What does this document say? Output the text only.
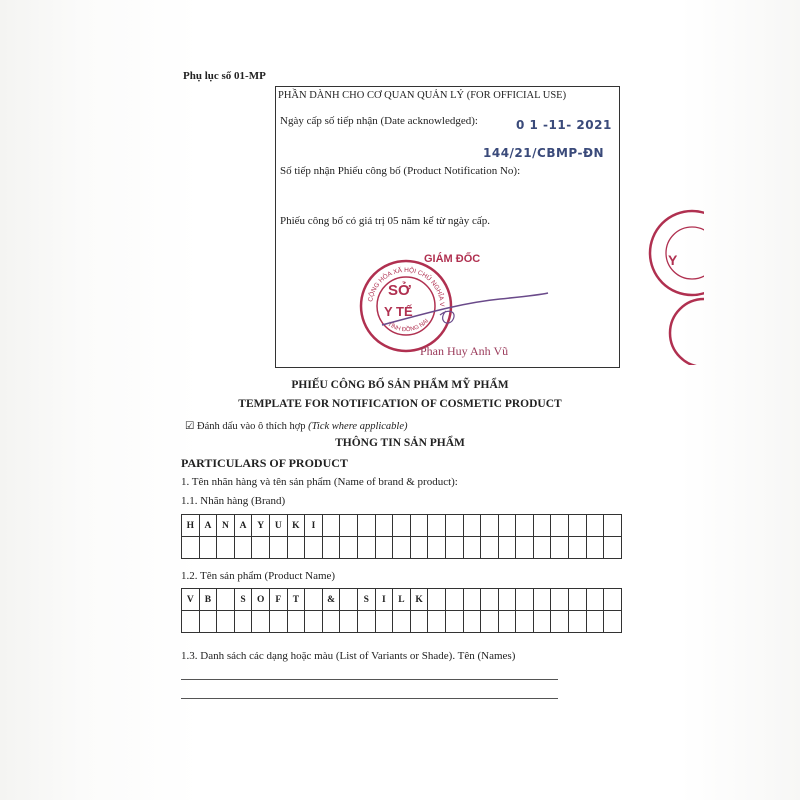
Phụ lục số 01-MP
PHẦN DÀNH CHO CƠ QUAN QUẢN LÝ (FOR OFFICIAL USE)
Ngày cấp số tiếp nhận (Date acknowledged):	0 1 -11- 2021
144/21/CBMP-ĐN
Số tiếp nhận Phiếu công bố (Product Notification No):
Phiếu công bố có giá trị 05 năm kể từ ngày cấp.
CỘNG HÒA XÃ HỘI CHỦ NGHĨA V
TỈNH ĐỒNG NAI
SỞ
Y TẾ
GIÁM ĐỐC
Phan Huy Anh Vũ
Y
PHIẾU CÔNG BỐ SẢN PHẨM MỸ PHẨM
TEMPLATE FOR NOTIFICATION OF COSMETIC PRODUCT
☑ Đánh dấu vào ô thích hợp (Tick where applicable)
THÔNG TIN SẢN PHẨM
PARTICULARS OF PRODUCT
1. Tên nhãn hàng và tên sản phẩm (Name of brand & product):
1.1. Nhãn hàng (Brand)
H	A	N	A	Y	U	K	I
1.2. Tên sản phẩm (Product Name)
V	B	S	O	F	T	&	S	I	L	K
1.3. Danh sách các dạng hoặc màu (List of Variants or Shade). Tên (Names)
